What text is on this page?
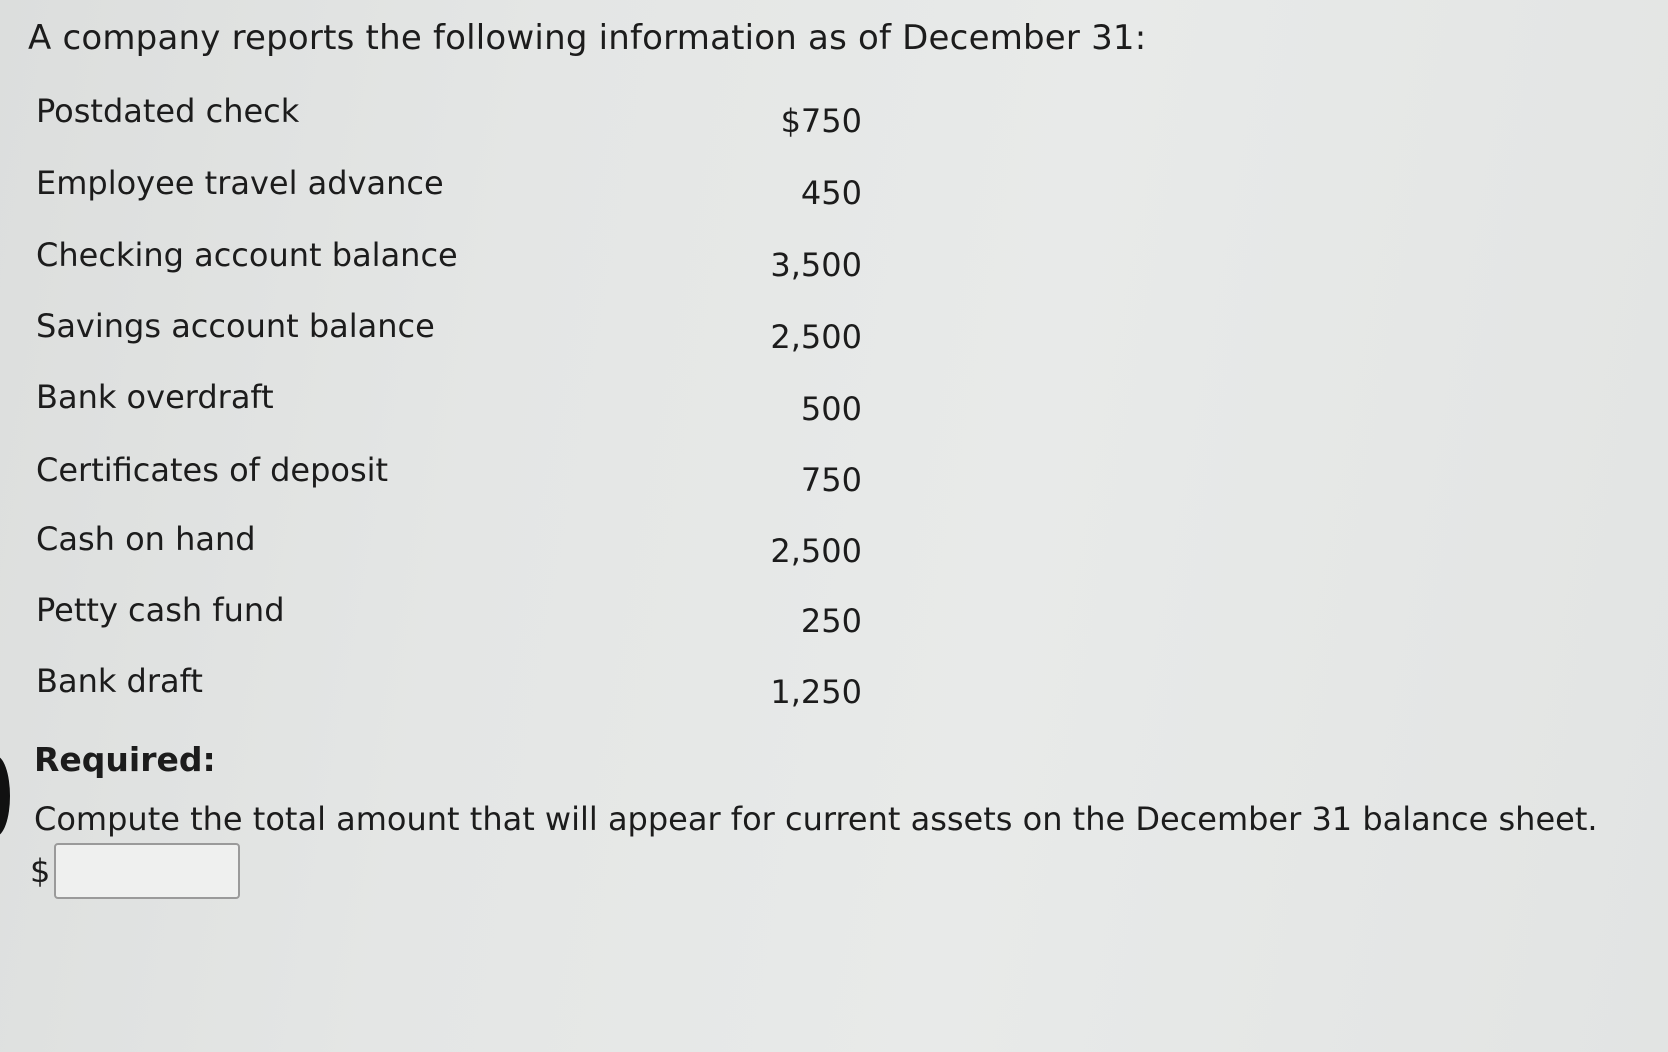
A company reports the following information as of December 31:
Postdated check	$750
Employee travel advance	450
Checking account balance	3,500
Savings account balance	2,500
Bank overdraft	500
Certificates of deposit	750
Cash on hand	2,500
Petty cash fund	250
Bank draft	1,250
Required:
Compute the total amount that will appear for current assets on the December 31 balance sheet.
$
